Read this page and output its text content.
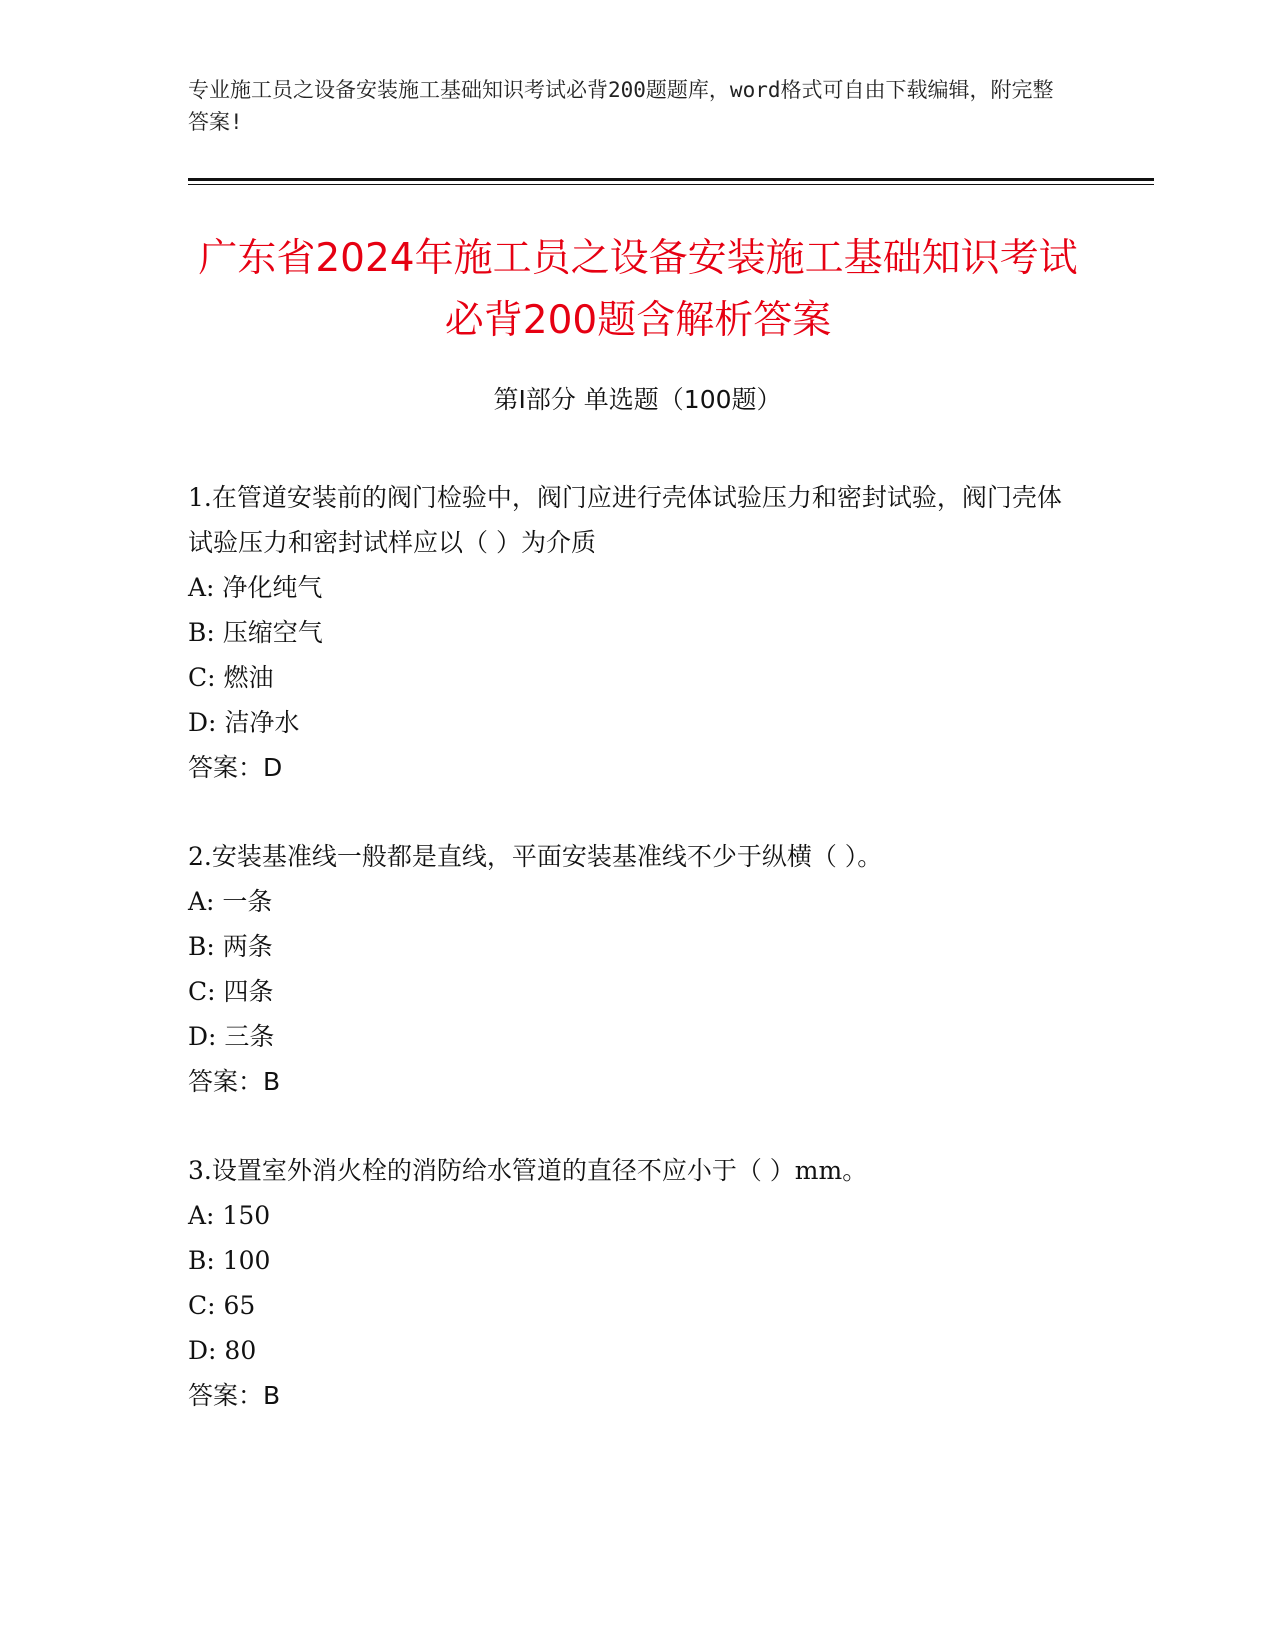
专业施工员之设备安装施工基础知识考试必背200题题库，word格式可自由下载编辑，附完整答案!
广东省2024年施工员之设备安装施工基础知识考试必背200题含解析答案
第Ⅰ部分 单选题（100题）
1.在管道安装前的阀门检验中，阀门应进行壳体试验压力和密封试验，阀门壳体试验压力和密封试样应以（ ）为介质
A: 净化纯气
B: 压缩空气
C: 燃油
D: 洁净水
答案：D
2.安装基准线一般都是直线，平面安装基准线不少于纵横（ ）。
A: 一条
B: 两条
C: 四条
D: 三条
答案：B
3.设置室外消火栓的消防给水管道的直径不应小于（ ）mm。
A: 150
B: 100
C: 65
D: 80
答案：B
